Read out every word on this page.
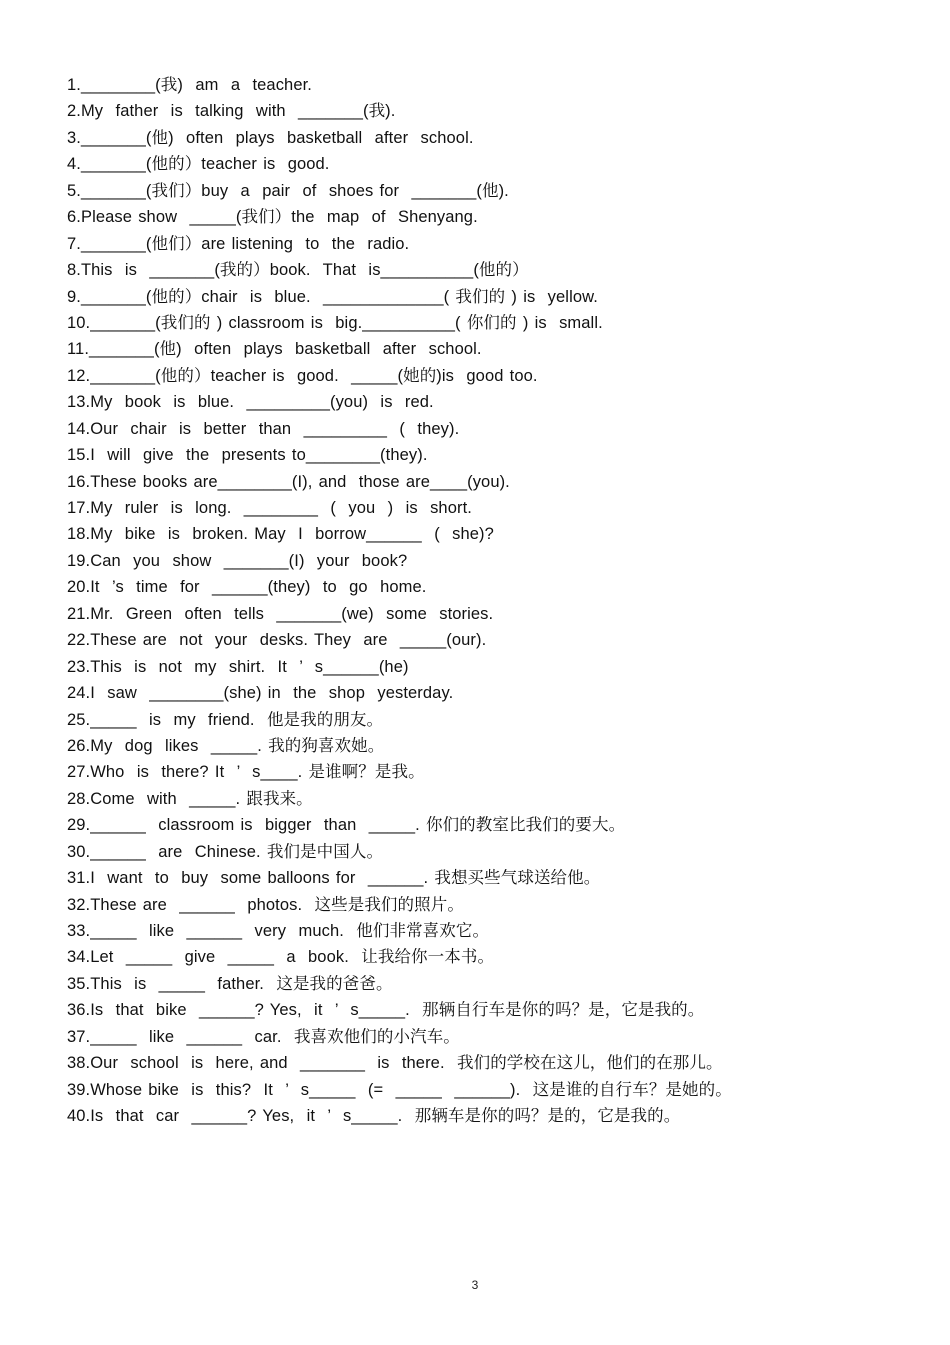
1.________(我)  am  a  teacher.
2.My  father  is  talking  with  _______(我).
3._______(他)  often  plays  basketball  after  school.
4._______(他的）teacher is  good.
5._______(我们）buy  a  pair  of  shoes for  _______(他).
6.Please show  _____(我们）the  map  of  Shenyang.
7._______(他们）are listening  to  the  radio.
8.This  is  _______(我的）book.  That  is__________(他的）
9._______(他的）chair  is  blue.  _____________( 我们的 ) is  yellow.
10._______(我们的 ) classroom is  big.__________( 你们的 ) is  small.
11._______(他)  often  plays  basketball  after  school.
12._______(他的）teacher is  good.  _____(她的)is  good too.
13.My  book  is  blue.  _________(you)  is  red.
14.Our  chair  is  better  than  _________  (  they).
15.I  will  give  the  presents to________(they).
16.These books are________(I), and  those are____(you).
17.My  ruler  is  long.  ________  (  you  )  is  short.
18.My  bike  is  broken. May  I  borrow______  (  she)?
19.Can  you  show  _______(I)  your  book?
20.It  ’s  time  for  ______(they)  to  go  home.
21.Mr.  Green  often  tells  _______(we)  some  stories.
22.These are  not  your  desks. They  are  _____(our).
23.This  is  not  my  shirt.  It  ’  s______(he)
24.I  saw  ________(she) in  the  shop  yesterday.
25._____  is  my  friend.  他是我的朋友。
26.My  dog  likes  _____. 我的狗喜欢她。
27.Who  is  there? It  ’  s____. 是谁啊？是我。
28.Come  with  _____. 跟我来。
29.______  classroom is  bigger  than  _____. 你们的教室比我们的要大。
30.______  are  Chinese. 我们是中国人。
31.I  want  to  buy  some balloons for  ______. 我想买些气球送给他。
32.These are  ______  photos.  这些是我们的照片。
33._____  like  ______  very  much.  他们非常喜欢它。
34.Let  _____  give  _____  a  book.  让我给你一本书。
35.This  is  _____  father.  这是我的爸爸。
36.Is  that  bike  ______? Yes,  it  ’  s_____.  那辆自行车是你的吗？是，它是我的。
37._____  like  ______  car.  我喜欢他们的小汽车。
38.Our  school  is  here, and  _______  is  there.  我们的学校在这儿，他们的在那儿。
39.Whose bike  is  this?  It  ’  s_____  (=  _____  ______).  这是谁的自行车？是她的。
40.Is  that  car  ______? Yes,  it  ’  s_____.  那辆车是你的吗？是的，它是我的。
3
